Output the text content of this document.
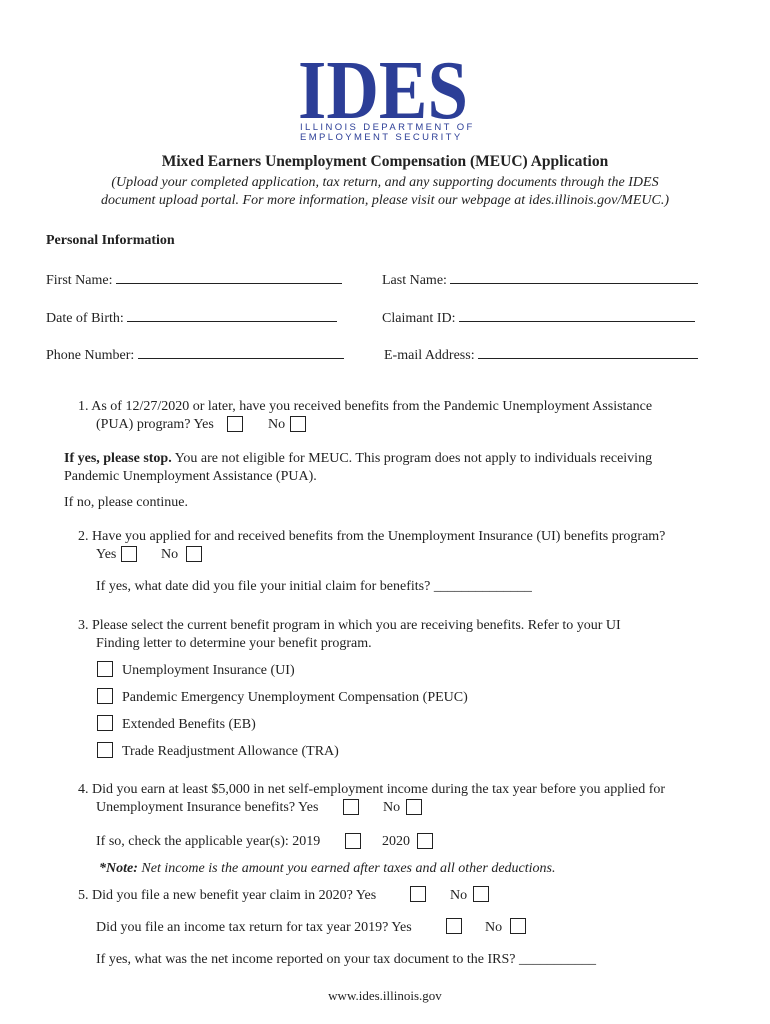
IDES
ILLINOIS DEPARTMENT OF
EMPLOYMENT SECURITY
Mixed Earners Unemployment Compensation (MEUC) Application
(Upload your completed application, tax return, and any supporting documents through the IDES
document upload portal. For more information, please visit our webpage at ides.illinois.gov/MEUC.)
Personal Information
First Name:	Last Name:
Date of Birth:	Claimant ID:
Phone Number:	E-mail Address:
1. As of 12/27/2020 or later, have you received benefits from the Pandemic Unemployment Assistance
(PUA) program? Yes	No
If yes, please stop. You are not eligible for MEUC. This program does not apply to individuals receiving
Pandemic Unemployment Assistance (PUA).
If no, please continue.
2. Have you applied for and received benefits from the Unemployment Insurance (UI) benefits program?
Yes	No
If yes, what date did you file your initial claim for benefits? ______________
3. Please select the current benefit program in which you are receiving benefits. Refer to your UI
Finding letter to determine your benefit program.
Unemployment Insurance (UI)
Pandemic Emergency Unemployment Compensation (PEUC)
Extended Benefits (EB)
Trade Readjustment Allowance (TRA)
4. Did you earn at least $5,000 in net self-employment income during the tax year before you applied for
Unemployment Insurance benefits? Yes	No
If so, check the applicable year(s): 2019	2020
*Note: Net income is the amount you earned after taxes and all other deductions.
5. Did you file a new benefit year claim in 2020? Yes	No
Did you file an income tax return for tax year 2019? Yes	No
If yes, what was the net income reported on your tax document to the IRS? ___________
www.ides.illinois.gov
